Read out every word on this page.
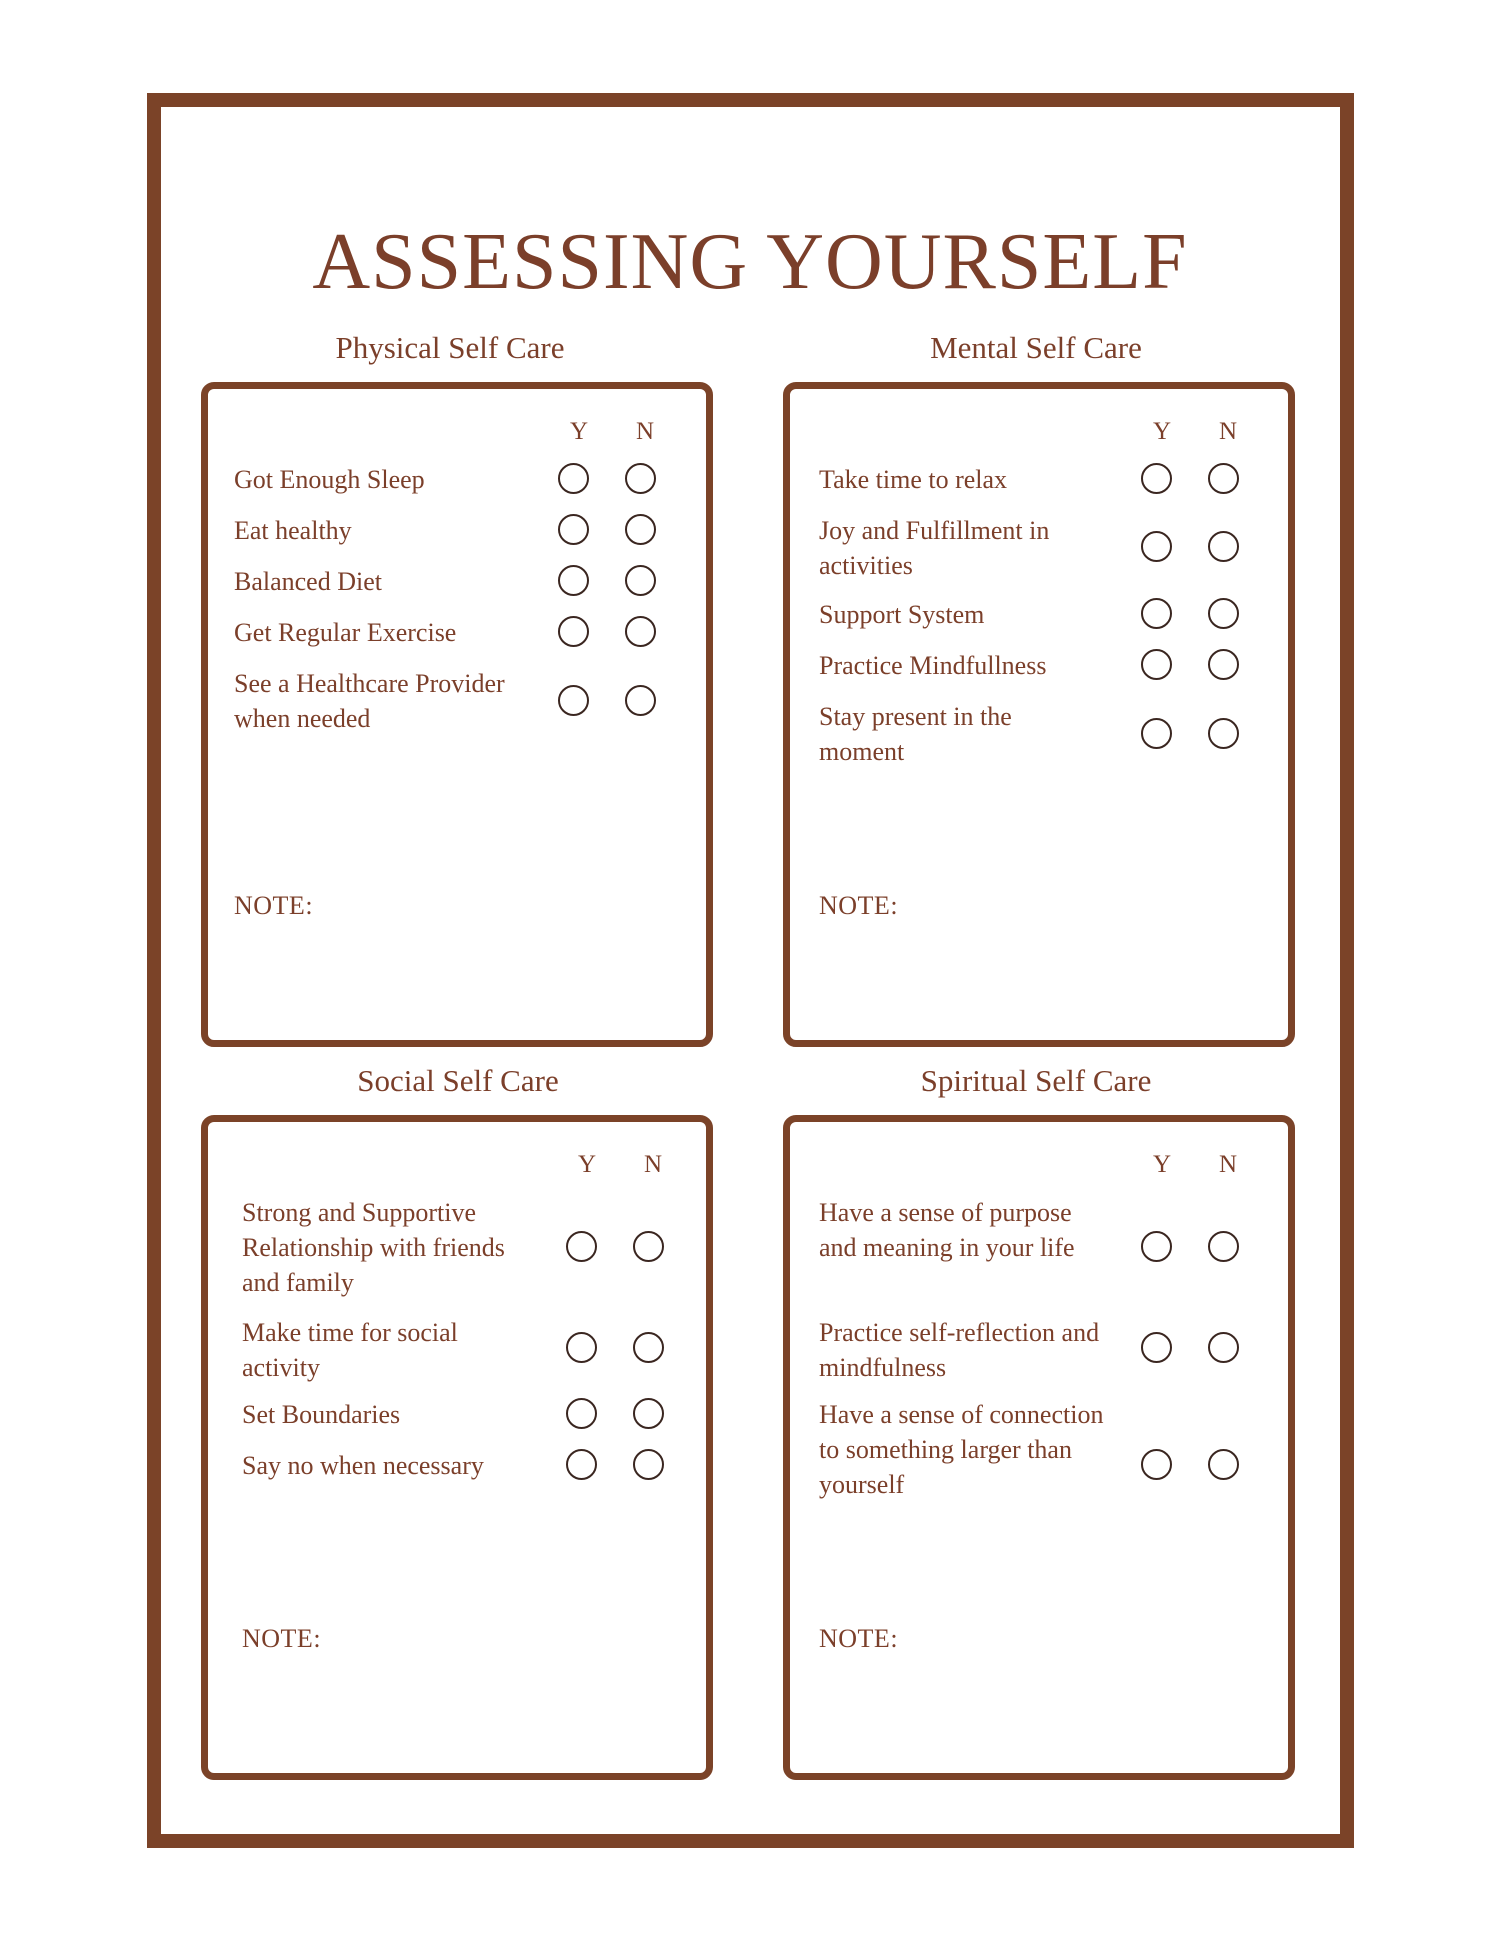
ASSESSING YOURSELF
Physical Self Care	Mental Self Care
Social Self Care	Spiritual Self Care
Y N
Got Enough Sleep
Eat healthy
Balanced Diet
Get Regular Exercise
See a Healthcare Provider when needed
NOTE:
Y N
Take time to relax
Joy and Fulfillment in activities
Support System
Practice Mindfullness
Stay present in the moment
NOTE:
Y N
Strong and Supportive Relationship with friends and family
Make time for social activity
Set Boundaries
Say no when necessary
NOTE:
Y N
Have a sense of purpose and meaning in your life
Practice self-reflection and mindfulness
Have a sense of connection to something larger than yourself
NOTE:
